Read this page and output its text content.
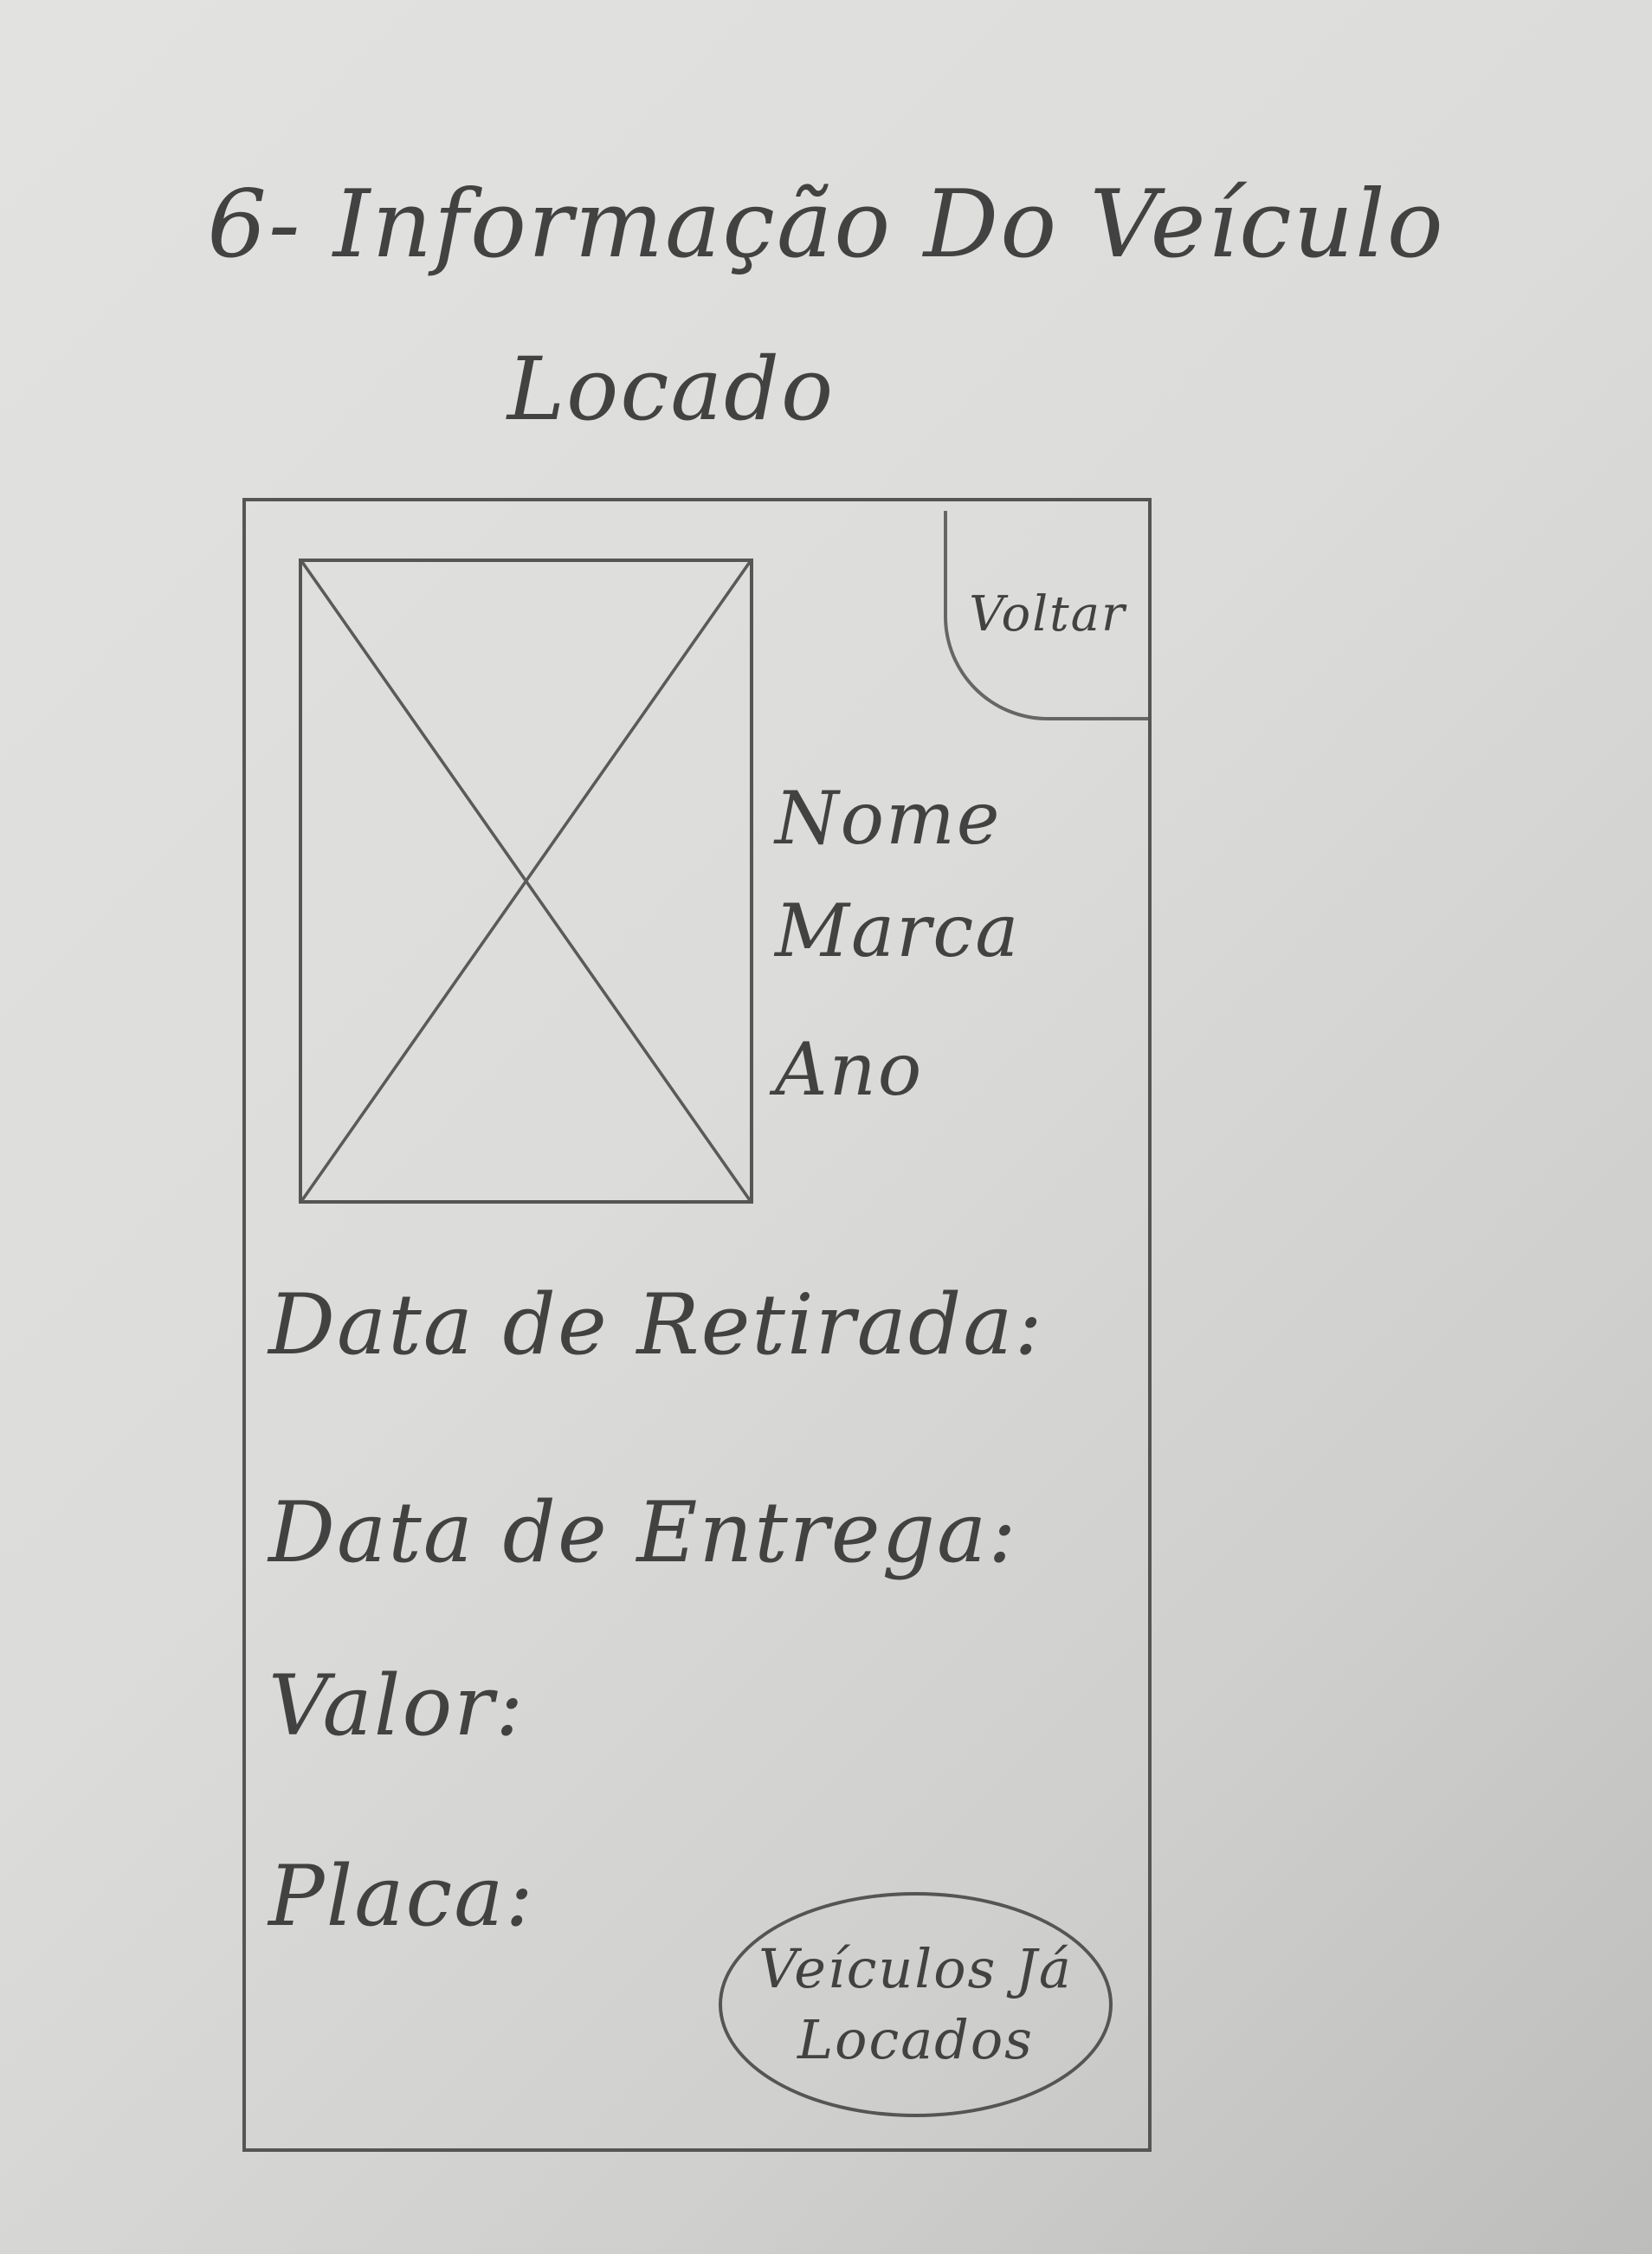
6- Informação Do Veículo
Locado
Voltar
Nome
Marca
Ano
Data de Retirada:
Data de Entrega:
Valor:
Placa:
Veículos Já
Locados
